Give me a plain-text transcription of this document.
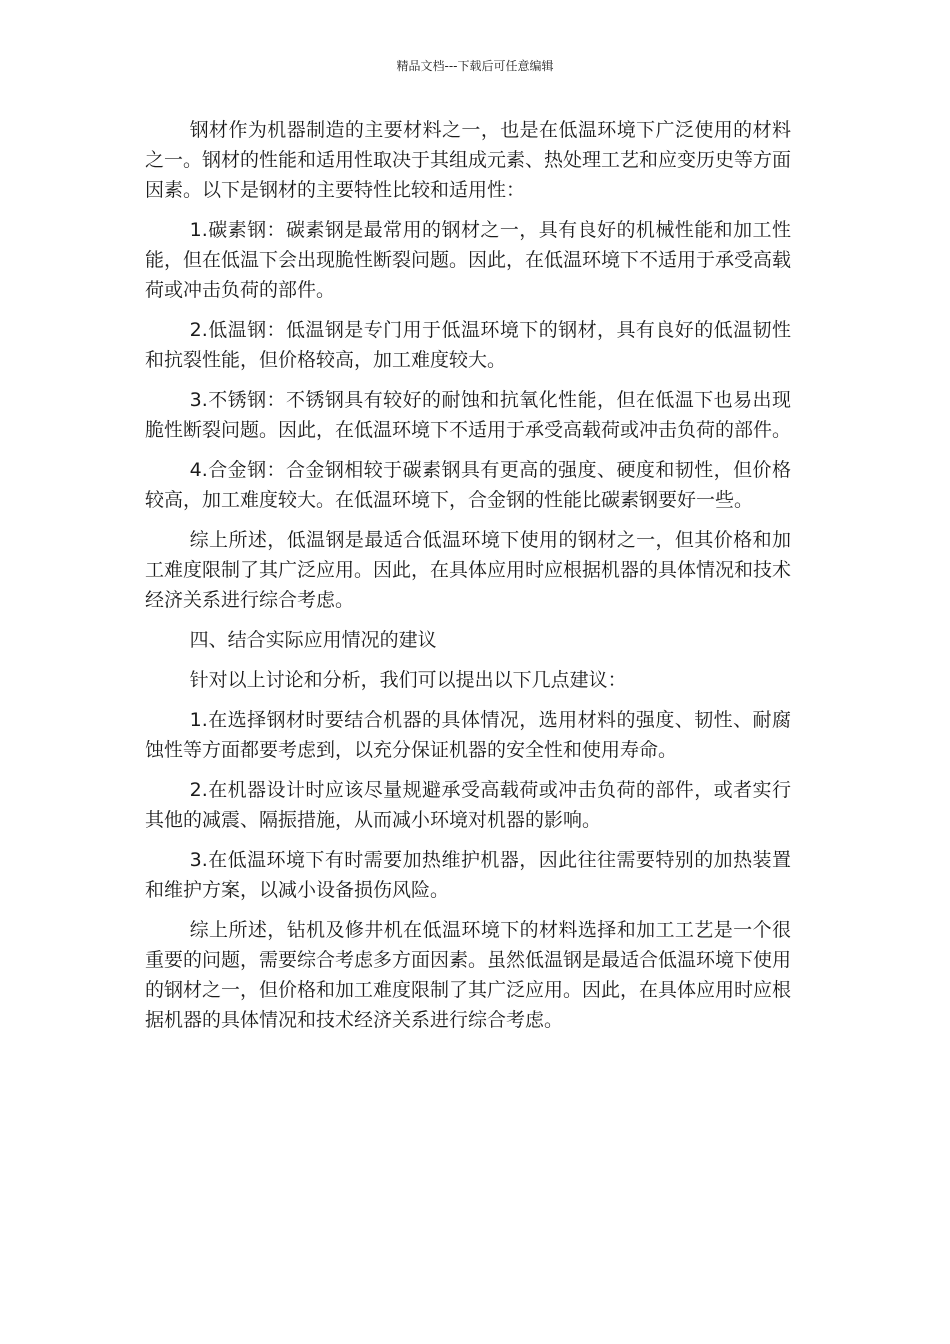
精品文档---下载后可任意编辑

钢材作为机器制造的主要材料之一，也是在低温环境下广泛使用的材料之一。钢材的性能和适用性取决于其组成元素、热处理工艺和应变历史等方面因素。以下是钢材的主要特性比较和适用性：

1.碳素钢：碳素钢是最常用的钢材之一，具有良好的机械性能和加工性能，但在低温下会出现脆性断裂问题。因此，在低温环境下不适用于承受高载荷或冲击负荷的部件。

2.低温钢：低温钢是专门用于低温环境下的钢材，具有良好的低温韧性和抗裂性能，但价格较高，加工难度较大。

3.不锈钢：不锈钢具有较好的耐蚀和抗氧化性能，但在低温下也易出现脆性断裂问题。因此，在低温环境下不适用于承受高载荷或冲击负荷的部件。

4.合金钢：合金钢相较于碳素钢具有更高的强度、硬度和韧性，但价格较高，加工难度较大。在低温环境下，合金钢的性能比碳素钢要好一些。

综上所述，低温钢是最适合低温环境下使用的钢材之一，但其价格和加工难度限制了其广泛应用。因此，在具体应用时应根据机器的具体情况和技术经济关系进行综合考虑。

四、结合实际应用情况的建议

针对以上讨论和分析，我们可以提出以下几点建议：

1.在选择钢材时要结合机器的具体情况，选用材料的强度、韧性、耐腐蚀性等方面都要考虑到，以充分保证机器的安全性和使用寿命。

2.在机器设计时应该尽量规避承受高载荷或冲击负荷的部件，或者实行其他的减震、隔振措施，从而减小环境对机器的影响。

3.在低温环境下有时需要加热维护机器，因此往往需要特别的加热装置和维护方案，以减小设备损伤风险。

综上所述，钻机及修井机在低温环境下的材料选择和加工工艺是一个很重要的问题，需要综合考虑多方面因素。虽然低温钢是最适合低温环境下使用的钢材之一，但价格和加工难度限制了其广泛应用。因此，在具体应用时应根据机器的具体情况和技术经济关系进行综合考虑。
